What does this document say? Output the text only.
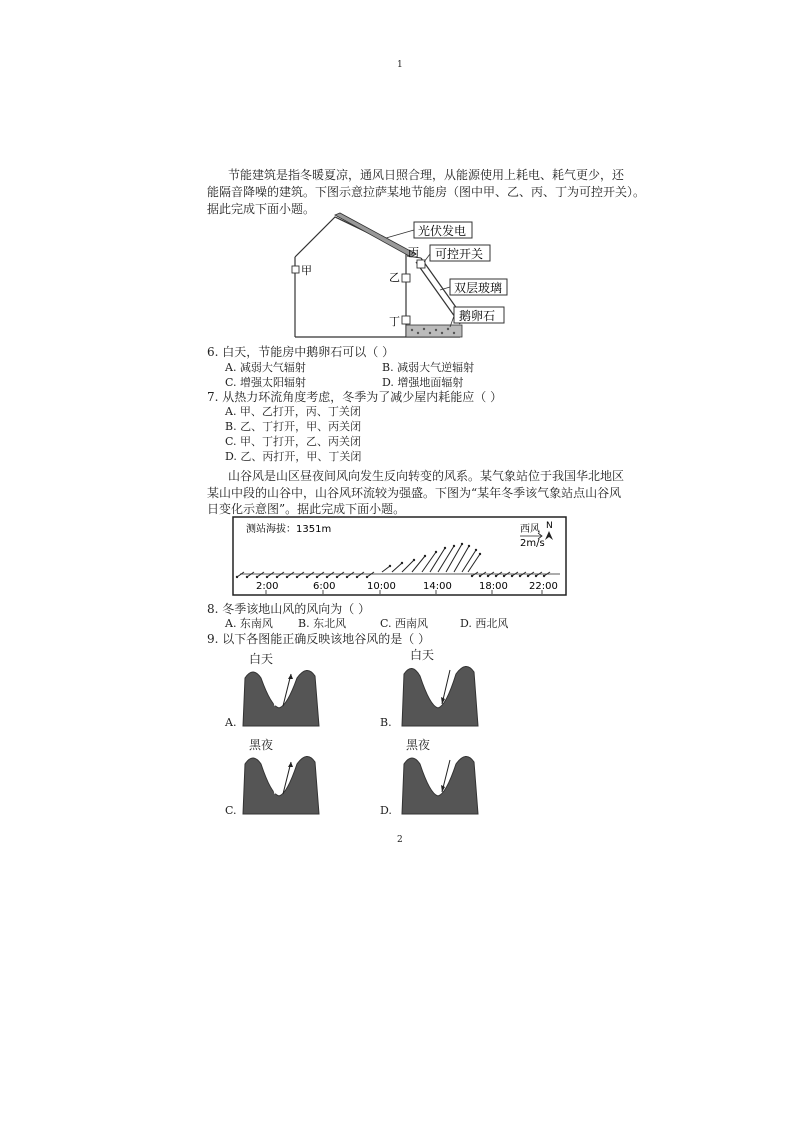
1
节能建筑是指冬暖夏凉，通风日照合理，从能源使用上耗电、耗气更少，还
能隔音降噪的建筑。下图示意拉萨某地节能房（图中甲、乙、丙、丁为可控开关）。
据此完成下面小题。
甲
乙
丁
丙
光伏发电
可控开关
双层玻璃
鹅卵石
6. 白天，节能房中鹅卵石可以（ ）
A. 减弱大气辐射	B. 减弱大气逆辐射
C. 增强太阳辐射	D. 增强地面辐射
7. 从热力环流角度考虑，冬季为了减少屋内耗能应（ ）
A. 甲、乙打开，丙、丁关闭
B. 乙、丁打开，甲、丙关闭
C. 甲、丁打开，乙、丙关闭
D. 乙、丙打开，甲、丁关闭
山谷风是山区昼夜间风向发生反向转变的风系。某气象站位于我国华北地区
某山中段的山谷中，山谷风环流较为强盛。下图为“某年冬季该气象站点山谷风
日变化示意图”。据此完成下面小题。
测站海拔：1351m	西风
2m/s
N
2:00	6:00	10:00	14:00	18:00 22:00
8. 冬季该地山风的风向为（ ）
A. 东南风 B. 东北风	C. 西南风	D. 西北风
9. 以下各图能正确反映该地谷风的是（ ）
白天
A.
白天
B.
黑夜
C.
黑夜
D.
2
